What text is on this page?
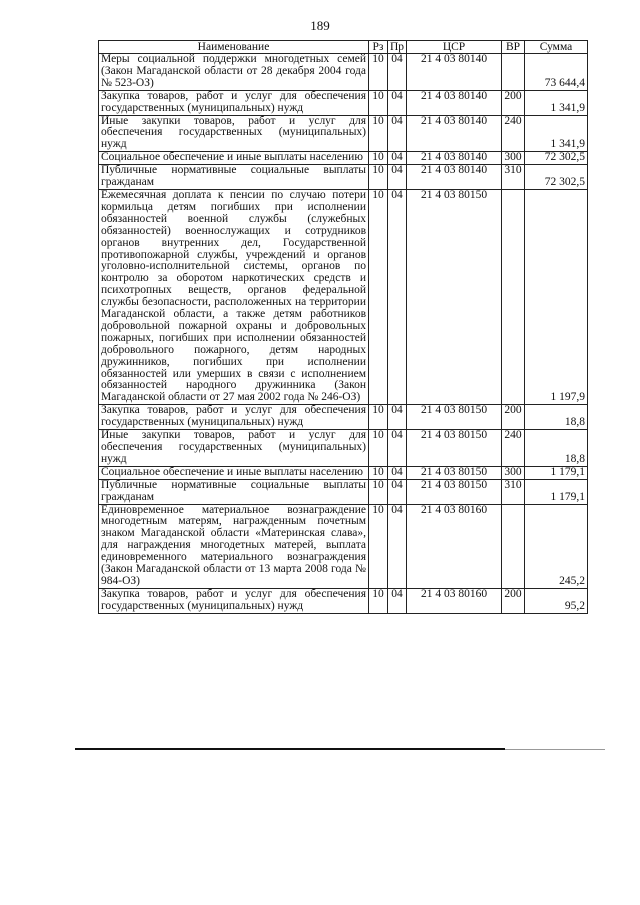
189
Наименование	Рз	Пр	ЦСР	ВР	Сумма
Меры социальной поддержки многодетных семей (Закон Магаданской области от 28 декабря 2004 года № 523-ОЗ)	10	04	21 4 03 80140		73 644,4
Закупка товаров, работ и услуг для обеспечения государственных (муниципальных) нужд	10	04	21 4 03 80140	200	1 341,9
Иные закупки товаров, работ и услуг для обеспечения государственных (муниципальных) нужд	10	04	21 4 03 80140	240	1 341,9
Социальное обеспечение и иные выплаты населению	10	04	21 4 03 80140	300	72 302,5
Публичные нормативные социальные выплаты гражданам	10	04	21 4 03 80140	310	72 302,5
Ежемесячная доплата к пенсии по случаю потери кормильца детям погибших при исполнении обязанностей военной службы (служебных обязанностей) военнослужащих и сотрудников органов внутренних дел, Государственной противопожарной службы, учреждений и органов уголовно-исполнительной системы, органов по контролю за оборотом наркотических средств и психотропных веществ, органов федеральной службы безопасности, расположенных на территории Магаданской области, а также детям работников добровольной пожарной охраны и добровольных пожарных, погибших при исполнении обязанностей добровольного пожарного, детям народных дружинников, погибших при исполнении обязанностей или умерших в связи с исполнением обязанностей народного дружинника (Закон Магаданской области от 27 мая 2002 года № 246-ОЗ)	10	04	21 4 03 80150		1 197,9
Закупка товаров, работ и услуг для обеспечения государственных (муниципальных) нужд	10	04	21 4 03 80150	200	18,8
Иные закупки товаров, работ и услуг для обеспечения государственных (муниципальных) нужд	10	04	21 4 03 80150	240	18,8
Социальное обеспечение и иные выплаты населению	10	04	21 4 03 80150	300	1 179,1
Публичные нормативные социальные выплаты гражданам	10	04	21 4 03 80150	310	1 179,1
Единовременное материальное вознаграждение многодетным матерям, награжденным почетным знаком Магаданской области «Материнская слава», для награждения многодетных матерей, выплата единовременного материального вознаграждения (Закон Магаданской области от 13 марта 2008 года № 984-ОЗ)	10	04	21 4 03 80160		245,2
Закупка товаров, работ и услуг для обеспечения государственных (муниципальных) нужд	10	04	21 4 03 80160	200	95,2
